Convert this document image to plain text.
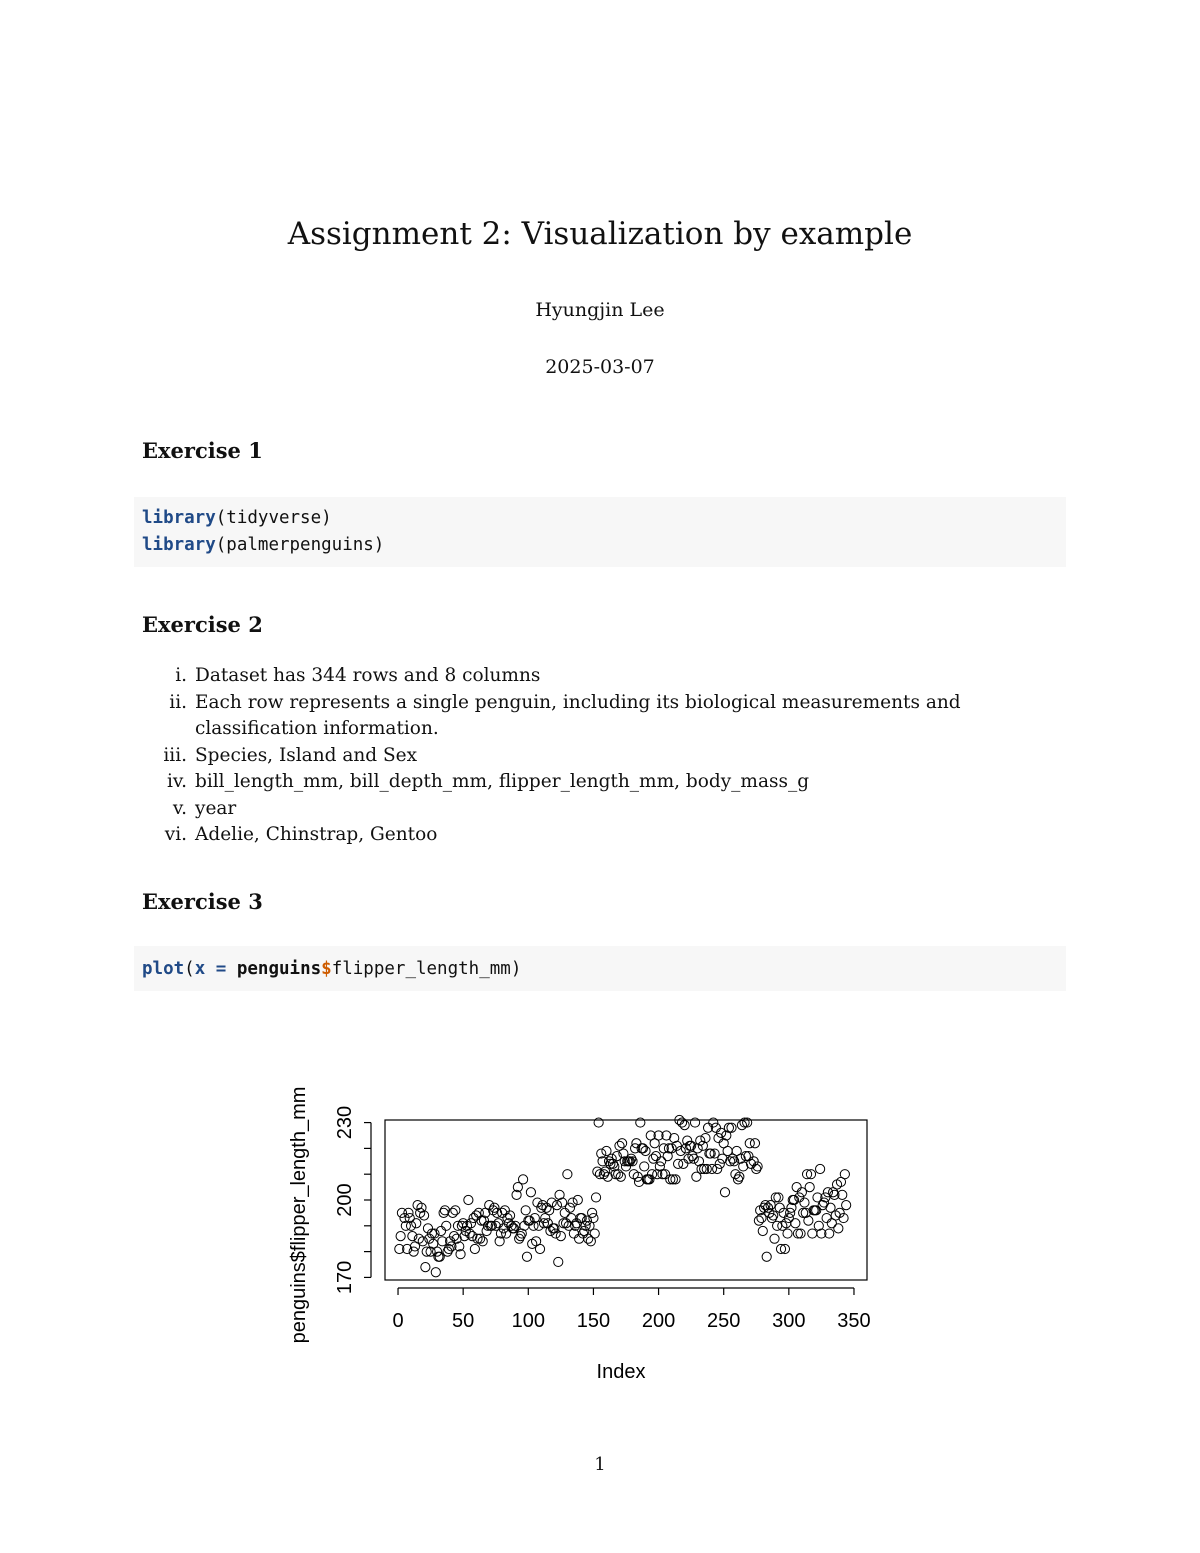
Assignment 2: Visualization by example
Hyungjin Lee
2025-03-07
Exercise 1
library(tidyverse)
library(palmerpenguins)
Exercise 2
i. Dataset has 344 rows and 8 columns
ii. Each row represents a single penguin, including its biological measurements and classification information.
iii. Species, Island and Sex
iv. bill_length_mm, bill_depth_mm, flipper_length_mm, body_mass_g
v. year
vi. Adelie, Chinstrap, Gentoo
Exercise 3
plot(x = penguins$flipper_length_mm)
0 50 100 150 200 250 300 350
170
200
230
Index
penguins$flipper_length_mm
1
